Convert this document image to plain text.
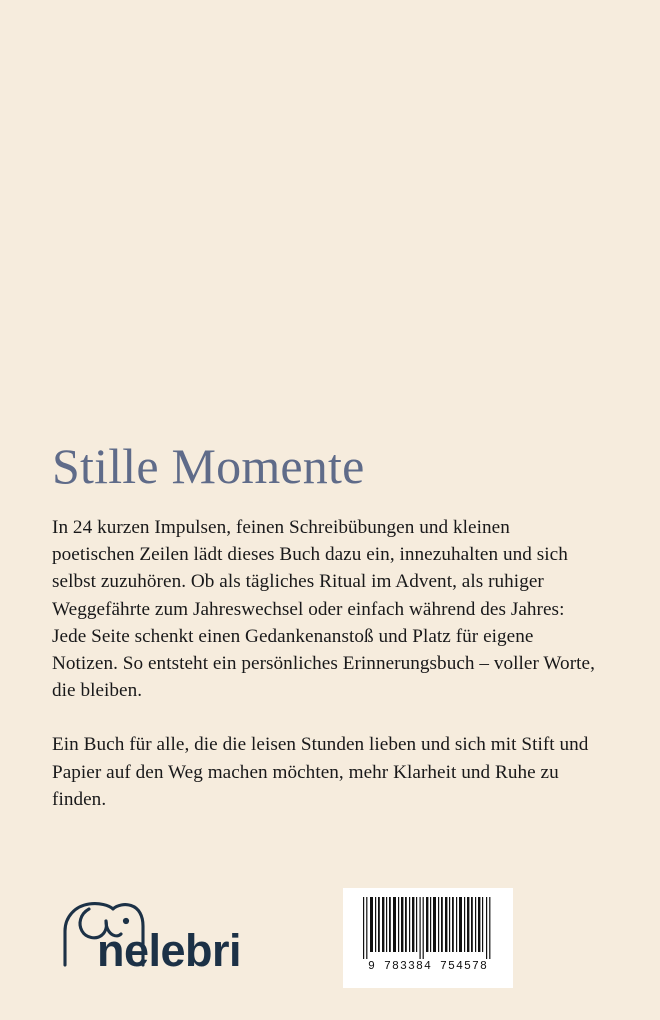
Stille Momente

In 24 kurzen Impulsen, feinen Schreibübungen und kleinen poetischen Zeilen lädt dieses Buch dazu ein, innezuhalten und sich selbst zuzuhören. Ob als tägliches Ritual im Advent, als ruhiger Weggefährte zum Jahreswechsel oder einfach während des Jahres: Jede Seite schenkt einen Gedankenanstoß und Platz für eigene Notizen. So entsteht ein persönliches Erinnerungsbuch – voller Worte, die bleiben.

Ein Buch für alle, die die leisen Stunden lieben und sich mit Stift und Papier auf den Weg machen möchten, mehr Klarheit und Ruhe zu finden.

nelebri	9 783384 754578
